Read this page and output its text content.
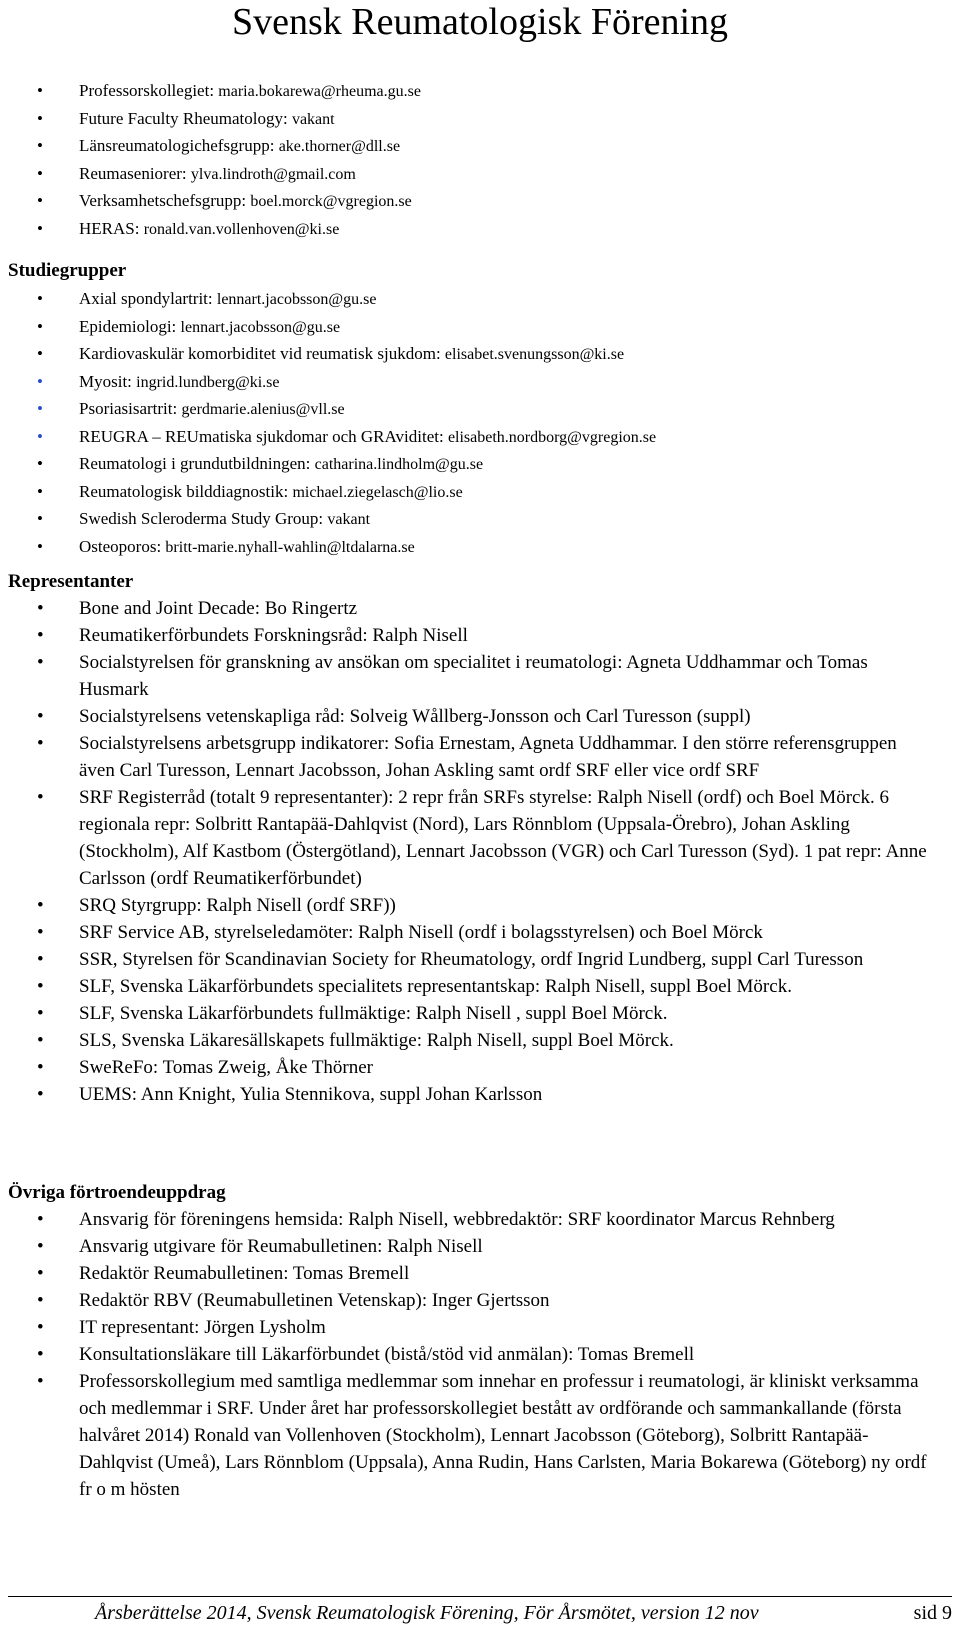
Svensk Reumatologisk Förening
•	Professorskollegiet: maria.bokarewa@rheuma.gu.se
•	Future Faculty Rheumatology: vakant
•	Länsreumatologichefsgrupp: ake.thorner@dll.se
•	Reumaseniorer: ylva.lindroth@gmail.com
•	Verksamhetschefsgrupp: boel.morck@vgregion.se
•	HERAS: ronald.van.vollenhoven@ki.se
Studiegrupper
•	Axial spondylartrit: lennart.jacobsson@gu.se
•	Epidemiologi: lennart.jacobsson@gu.se
•	Kardiovaskulär komorbiditet vid reumatisk sjukdom: elisabet.svenungsson@ki.se
•	Myosit: ingrid.lundberg@ki.se
•	Psoriasisartrit: gerdmarie.alenius@vll.se
•	REUGRA – REUmatiska sjukdomar och GRAviditet: elisabeth.nordborg@vgregion.se
•	Reumatologi i grundutbildningen: catharina.lindholm@gu.se
•	Reumatologisk bilddiagnostik: michael.ziegelasch@lio.se
•	Swedish Scleroderma Study Group: vakant
•	Osteoporos: britt-marie.nyhall-wahlin@ltdalarna.se
Representanter
•	Bone and Joint Decade: Bo Ringertz
•	Reumatikerförbundets Forskningsråd: Ralph Nisell
•	Socialstyrelsen för granskning av ansökan om specialitet i reumatologi: Agneta Uddhammar och Tomas Husmark
•	Socialstyrelsens vetenskapliga råd: Solveig Wållberg-Jonsson och Carl Turesson (suppl)
•	Socialstyrelsens arbetsgrupp indikatorer: Sofia Ernestam, Agneta Uddhammar. I den större referensgruppen även Carl Turesson, Lennart Jacobsson, Johan Askling samt ordf SRF eller vice ordf SRF
•	SRF Registerråd (totalt 9 representanter): 2 repr från SRFs styrelse: Ralph Nisell (ordf) och Boel Mörck. 6 regionala repr: Solbritt Rantapää-Dahlqvist (Nord), Lars Rönnblom (Uppsala-Örebro), Johan Askling (Stockholm), Alf Kastbom (Östergötland), Lennart Jacobsson (VGR) och Carl Turesson (Syd). 1 pat repr: Anne Carlsson (ordf Reumatikerförbundet)
•	SRQ Styrgrupp: Ralph Nisell (ordf SRF))
•	SRF Service AB, styrelseledamöter: Ralph Nisell (ordf i bolagsstyrelsen) och Boel Mörck
•	SSR, Styrelsen för Scandinavian Society for Rheumatology, ordf Ingrid Lundberg, suppl Carl Turesson
•	SLF, Svenska Läkarförbundets specialitets representantskap: Ralph Nisell, suppl Boel Mörck.
•	SLF, Svenska Läkarförbundets fullmäktige: Ralph Nisell , suppl Boel Mörck.
•	SLS, Svenska Läkaresällskapets fullmäktige: Ralph Nisell, suppl Boel Mörck.
•	SweReFo: Tomas Zweig, Åke Thörner
•	UEMS: Ann Knight, Yulia Stennikova, suppl Johan Karlsson
Övriga förtroendeuppdrag
•	Ansvarig för föreningens hemsida: Ralph Nisell, webbredaktör: SRF koordinator Marcus Rehnberg
•	Ansvarig utgivare för Reumabulletinen: Ralph Nisell
•	Redaktör Reumabulletinen: Tomas Bremell
•	Redaktör RBV (Reumabulletinen Vetenskap): Inger Gjertsson
•	IT representant: Jörgen Lysholm
•	Konsultationsläkare till Läkarförbundet (bistå/stöd vid anmälan): Tomas Bremell
•	Professorskollegium med samtliga medlemmar som innehar en professur i reumatologi, är kliniskt verksamma och medlemmar i SRF. Under året har professorskollegiet bestått av ordförande och sammankallande (första halvåret 2014) Ronald van Vollenhoven (Stockholm), Lennart Jacobsson (Göteborg), Solbritt Rantapää-Dahlqvist (Umeå), Lars Rönnblom (Uppsala), Anna Rudin, Hans Carlsten, Maria Bokarewa (Göteborg) ny ordf fr o m hösten
Årsberättelse 2014, Svensk Reumatologisk Förening, För Årsmötet, version 12 nov	sid 9
